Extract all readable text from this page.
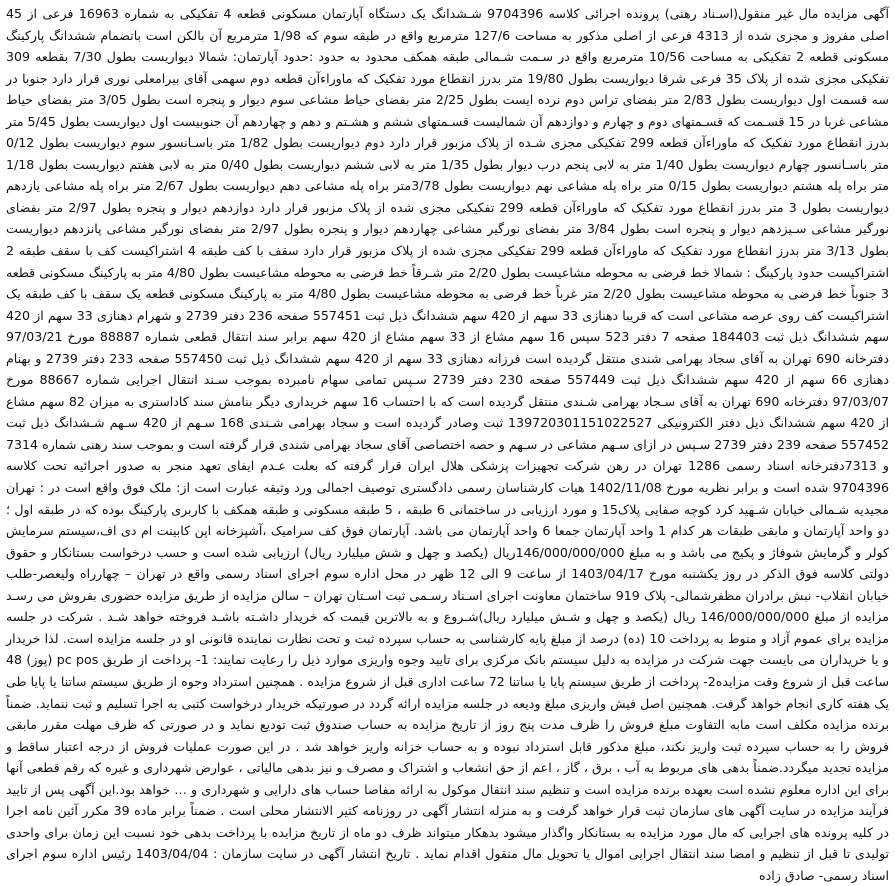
آگهی مزایده مال غیر منقول(اسـناد رهنی) پرونده اجرائی کلاسه 9704396 شـشدانگ یک دستگاه آپارتمان مسکونی قطعه 4 تفکیکی به شماره 16963 فرعی از 45 اصلی مفروز و مجزی شده از 4313 فرعی از اصلی مذکور به مساحت 127/6 مترمربع واقع در طبقه سوم که 1/98 مترمربع آن بالکن است باتضمام ششدانگ پارکینگ مسکونی قطعه 2 تفکیکی به مساحت 10/56 مترمربع واقع در سـمت شـمالی طبقه همکف محدود به حدود :حدود آپارتمان: شمالا دیواریست بطول 7/30 بقطعه 309 تفکیکی مجزی شده از پلاک 35 فرعی شرقا دیواریست بطول 19/80 متر بدرز انقطاع مورد تفکیک که ماوراءآن قطعه دوم سهمی آقای بیرامعلی نوری قرار دارد جنوبا در سه قسمت اول دیواریست بطول 2/83 متر بفضای تراس دوم نرده ایست بطول 2/25 متر بفضای حیاط مشاعی سوم دیوار و پنجره است بطول 3/05 متر بفضای حیاط مشاعی غربا در 15 قسـمت که قسـمتهای دوم و چهارم و دوازدهم آن شمالیست قسـمتهای ششم و هشـتم و دهم و چهاردهم آن جنوبیست اول دیواریست بطول 5/45 متر بدرز انقطاع مورد تفکیک که ماوراءآن قطعه 299 تفکیکی مجزی شـده از پلاک مزبور قرار دارد دوم دیواریست بطول 1/82 متر باسـانسور سوم دیواریست بطول 0/12 متر باسـانسور چهارم دیواریست بطول 1/40 متر به لابی پنجم درب دیوار بطول 1/35 متر به لابی ششم دیواریست بطول 0/40 متر به لابی هفتم دیواریست بطول 1/18 متر براه پله هشتم دیواریست بطول 0/15 متر براه پله مشاعی نهم دیواریست بطول 3/78متر براه پله مشاعی دهم دیواریست بطول 2/67 متر براه پله مشاعی یازدهم دیواریست بطول 3 متر بدرز انقطاع مورد تفکیک که ماوراءآن قطعه 299 تفکیکی مجزی شده از پلاک مزبور قرار دارد دوازدهم دیوار و پنجره بطول 2/97 متر بفضای نورگیر مشاعی سـیزدهم دیوار و پنجره است بطول 3/84 متر بفضای نورگیر مشاعی چهاردهم دیوار و پنجره بطول 2/97 متر بفضای نورگیر مشاعی پانزدهم دیواریست بطول 3/13 متر بدرز انقطاع مورد تفکیک که ماوراءآن قطعه 299 تفکیکی مجزی شده از پلاک مزبور قرار دارد سقف با کف طبقه 4 اشتراکیست کف با سقف طبقه 2 اشتراکیست حدود پارکینگ : شمالا خط فرضی به محوطه مشاعیست بطول 2/20 متر شـرقاً خط فرضی به محوطه مشاعیست بطول 4/80 متر به پارکینگ مسکونی قطعه 3 جنوباً خط فرضی به محوطه مشاعیست بطول 2/20 متر غرباً خط فرضی به محوطه مشاعیست بطول 4/80 متر به پارکینگ مسکونی قطعه یک سقف با کف طبقه یک اشتراکیست کف روی عرصه مشاعی است که قریبا دهنازی 33 سهم از 420 سهم ششدانگ ذیل ثبت 557451 صفحه 236 دفتر 2739 و شهرام دهنازی 33 سهم از 420 سهم ششدانگ ذیل ثبت 184403 صفحه 7 دفتر 523 سپس 16 سهم مشاع از 33 سهم مشاع از 420 سهم برابر سند انتقال قطعی شماره 88887 مورخ 97/03/21 دفترخانه 690 تهران به آقای سجاد بهرامی شندی منتقل گردیده است فرزانه دهنازی 33 سهم از 420 سهم ششدانگ ذیل ثبت 557450 صفحه 233 دفتر 2739 و بهنام دهنازی 66 سهم از 420 سهم ششدانگ ذیل ثبت 557449 صفحه 230 دفتر 2739 سـپس تمامی سهام نامبرده بموجب سـند انتقال اجرایی شماره 88667 مورخ 97/03/07 دفترخانه 690 تهران به آقای سـجاد بهرامی شـندی منتقل گردیده است که با احتساب 16 سهم خریداری دیگر بنامش سند کاداستری به میزان 82 سهم مشاع از 420 سهم ششدانگ ذیل دفتر الکترونیکی 139720301151022527 ثبت وصادر گردیده است و سجاد بهرامی شـندی 168 سـهم از 420 سـهم شـشدانگ ذیل ثبت 557452 صفحه 239 دفتر 2739 سـپس در ازای سـهم مشاعی در سـهم و حصه اختصاصی آقای سجاد بهرامی شندی قرار گرفته است و بموجب سند رهنی شماره 7314 و 7313دفترخانه اسناد رسمی 1286 تهران در رهن شرکت تجهیزات پزشکی هلال ایران قرار گرفته که بعلت عـدم ایفای تعهد منجر به صدور اجرائیه تحت کلاسه 9704396 شده است و برابر نظریه مورخ 1402/11/08 هیات کارشناسان رسمی دادگستری توصیف اجمالی ورد وثیقه عبارت است از: ملک فوق واقع است در : تهران مجیدیه شـمالی خیابان شـهید کرد کوچه صفایی پلاک15 و مورد ارزیابی در ساختمانی 6 طبقه ، 5 طبقه مسکونی و طبقه همکف با کاربری پارکینگ بوده که در طبقه اول ؛ دو واحد آپارتمان و مابقی طبقات هر کدام 1 واحد آپارتمان جمعا 6 واحد آپارتمان می باشد. آپارتمان فوق کف سرامیک ،آشپزخانه اپن کابینت ام دی اف،سیستم سرمایش کولر و گرمایش شوفاژ و پکیج می باشد و به مبلغ 146/000/000/000ریال (یکصد و چهل و شش میلیارد ریال) ارزیابی شده است و حسب درخواست بستانکار و حقوق دولتی کلاسه فوق الذکر در روز یکشنبه مورخ 1403/04/17 از ساعت 9 الی 12 ظهر در محل اداره سوم اجرای اسناد رسمی واقع در تهران – چهارراه ولیعصر-طلب خیابان انقلاب- نبش برادران مظفرشمالی- پلاک 919 ساختمان معاونت اجرای اسـناد رسـمی ثبت اسـتان تهران – سالن مزایده از طریق مزایده حضوری بفروش می رسـد مزایده از مبلغ 146/000/000/000 ریال (یکصد و چهل و شـش میلیارد ریال)شـروع و به بالاترین قیمت که خریدار داشـته باشـد فروخته خواهد شـد . شرکت در جلسه مزایده برای عموم آزاد و منوط به پرداخت 10 (ده) درصد از مبلغ پایه کارشناسی به حساب سپرده ثبت و تحت نظارت نماینده قانونی او در جلسه مزایده است. لذا خریدار و یا خریداران می بایست جهت شرکت در مزایده به دلیل سیستم بانک مرکزی برای تایید وجوه واریزی موارد ذیل را رعایت نمایند: 1- پرداخت از طریق pc pos (پوز) 48 ساعت قبل از شروع وقت مزایده2- پرداخت از طریق سیستم پایا یا ساتنا 72 ساعت اداری قبل از شروع مزایده . همچنین استرداد وجوه از طریق سیستم ساتنا یا پایا طی یک هفته کاری انجام خواهد گرفت. همچنین اصل فیش واریزی مبلغ ودیعه در جلسه مزایده ارائه گردد در صورتیکه خریدار درخواست کتبی به اجرا تسلیم و ثبت ننماید. ضمناً برنده مزایده مکلف است مابه التفاوت مبلغ فروش را ظرف مدت پنج روز از تاریخ مزایده به حساب صندوق ثبت تودیع نماید و در صورتی که ظرف مهلت مقرر مابقی فروش را به حساب سپرده ثبت واریز نکند، مبلغ مذکور قابل استرداد نبوده و به حساب خزانه واریز خواهد شد . در این صورت عملیات فروش از درجه اعتبار ساقط و مزایده تجدید میگردد.ضمناً بدهی های مربوط به آب ، برق ، گاز ، اعم از حق انشعاب و اشتراک و مصرف و نیز بدهی مالیاتی ، عوارض شهرداری و غیره که رقم قطعی آنها برای این اداره معلوم نشده است بعهده برنده مزایده است و تنظیم سند انتقال موکول به ارائه مفاصا حساب های دارایی و شهرداری و … خواهد بود.این آگهی پس از تایید فرآیند مزایده در سایت آگهی های سازمان ثبت قرار خواهد گرفت و به منزله انتشار آگهی در روزنامه کثیر الانتشار محلی است . ضمناً برابر ماده 39 مکرر آئین نامه اجرا در کلیه پرونده های اجرایی که مال مورد مزایده به بستانکار واگذار میشود بدهکار میتواند ظرف دو ماه از تاریخ مزایده با پرداخت بدهی خود نسبت این زمان برای واحدی تولیدی تا قبل از تنظیم و امضا سند انتقال اجرایی اموال یا تحویل مال منقول اقدام نماید . تاریخ انتشار آگهی در سایت سازمان : 1403/04/04 رئیس اداره سوم اجرای اسناد رسمی- صادق زاده
